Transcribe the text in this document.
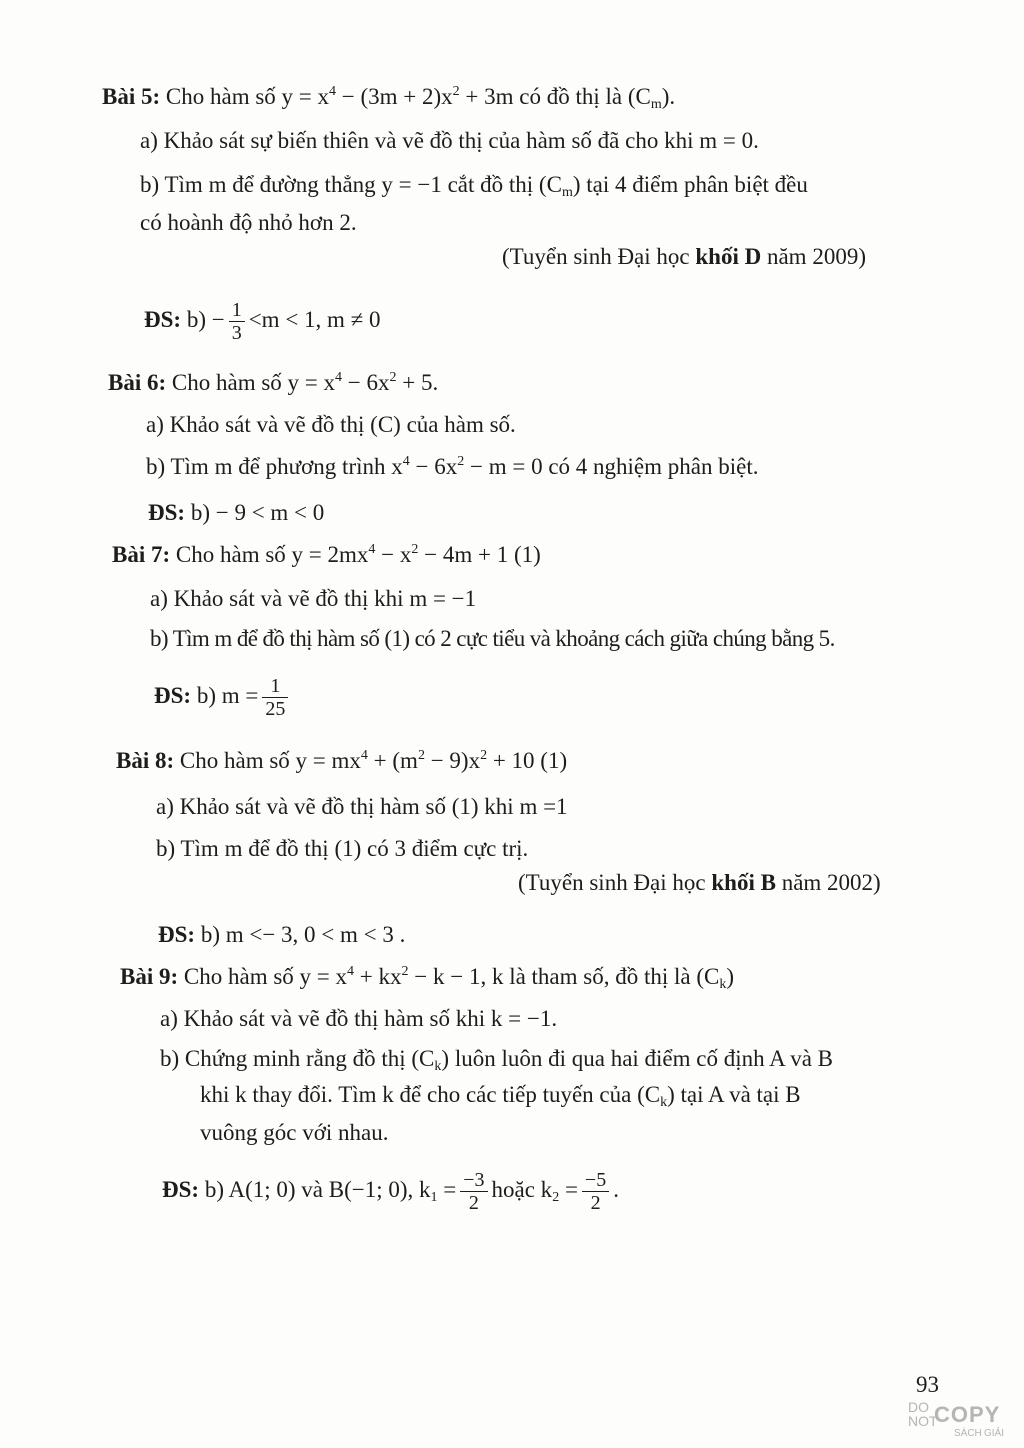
Bài 5: Cho hàm số $y = x^4 - (3m + 2)x^2 + 3m$ có đồ thị là $(C_m)$.
a) Khảo sát sự biến thiên và vẽ đồ thị của hàm số đã cho khi m = 0.
b) Tìm m để đường thẳng y = −1 cắt đồ thị $(C_m)$ tại 4 điểm phân biệt đều
có hoành độ nhỏ hơn 2.
(Tuyển sinh Đại học khối D năm 2009)
ĐS: $b) - \frac{1}{3} <m < 1$, m ≠ 0
Bài 6: Cho hàm số $y = x^4 - 6x^2 + 5$.
a) Khảo sát và vẽ đồ thị (C) của hàm số.
b) Tìm m để phương trình $x^4 - 6x^2 - m = 0$ có 4 nghiệm phân biệt.
ĐS: b) − 9 < m < 0
Bài 7: Cho hàm số $y = 2mx^4 - x^2 - 4m + 1$ (1)
a) Khảo sát và vẽ đồ thị khi m = −1
b) Tìm m để đồ thị hàm số (1) có 2 cực tiểu và khoảng cách giữa chúng bằng 5.
ĐS: b) $m = \frac{1}{25}$
Bài 8: Cho hàm số $y = mx^4 + (m^2 - 9)x^2 + 10$ (1)
a) Khảo sát và vẽ đồ thị hàm số (1) khi m =1
b) Tìm m để đồ thị (1) có 3 điểm cực trị.
(Tuyển sinh Đại học khối B năm 2002)
ĐS: b) m <− 3, 0 < m < 3 .
Bài 9: Cho hàm số $y = x^4 + kx^2 - k - 1$, k là tham số, đồ thị là $(C_k)$
a) Khảo sát và vẽ đồ thị hàm số khi k = −1.
b) Chứng minh rằng đồ thị $(C_k)$ luôn luôn đi qua hai điểm cố định A và B
khi k thay đổi. Tìm k để cho các tiếp tuyến của $(C_k)$ tại A và tại B
vuông góc với nhau.
ĐS: b) A(1; 0) và B(−1; 0), $k_1 = \frac{-3}{2}$ hoặc $k_2 = \frac{-5}{2}$ .
93
DO
NOT
COPY
SÁCH GIẢI
